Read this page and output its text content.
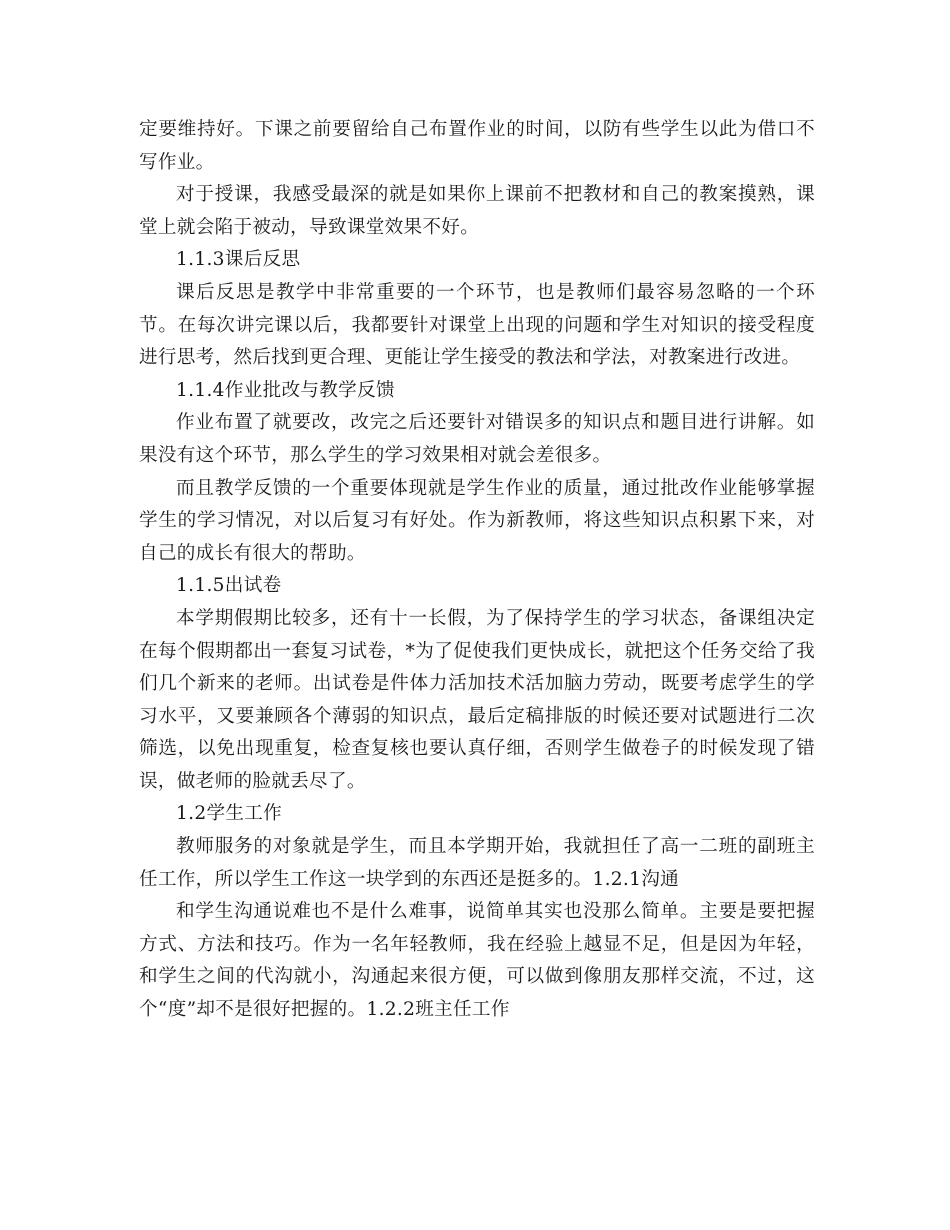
定要维持好。下课之前要留给自己布置作业的时间，以防有些学生以此为借口不写作业。

对于授课，我感受最深的就是如果你上课前不把教材和自己的教案摸熟，课堂上就会陷于被动，导致课堂效果不好。

1.1.3课后反思

课后反思是教学中非常重要的一个环节，也是教师们最容易忽略的一个环节。在每次讲完课以后，我都要针对课堂上出现的问题和学生对知识的接受程度进行思考，然后找到更合理、更能让学生接受的教法和学法，对教案进行改进。

1.1.4作业批改与教学反馈

作业布置了就要改，改完之后还要针对错误多的知识点和题目进行讲解。如果没有这个环节，那么学生的学习效果相对就会差很多。

而且教学反馈的一个重要体现就是学生作业的质量，通过批改作业能够掌握学生的学习情况，对以后复习有好处。作为新教师，将这些知识点积累下来，对自己的成长有很大的帮助。

1.1.5出试卷

本学期假期比较多，还有十一长假，为了保持学生的学习状态，备课组决定在每个假期都出一套复习试卷，*为了促使我们更快成长，就把这个任务交给了我们几个新来的老师。出试卷是件体力活加技术活加脑力劳动，既要考虑学生的学习水平，又要兼顾各个薄弱的知识点，最后定稿排版的时候还要对试题进行二次筛选，以免出现重复，检查复核也要认真仔细，否则学生做卷子的时候发现了错误，做老师的脸就丢尽了。

1.2学生工作

教师服务的对象就是学生，而且本学期开始，我就担任了高一二班的副班主任工作，所以学生工作这一块学到的东西还是挺多的。1.2.1沟通

和学生沟通说难也不是什么难事，说简单其实也没那么简单。主要是要把握方式、方法和技巧。作为一名年轻教师，我在经验上越显不足，但是因为年轻，和学生之间的代沟就小，沟通起来很方便，可以做到像朋友那样交流，不过，这个“度”却不是很好把握的。1.2.2班主任工作
